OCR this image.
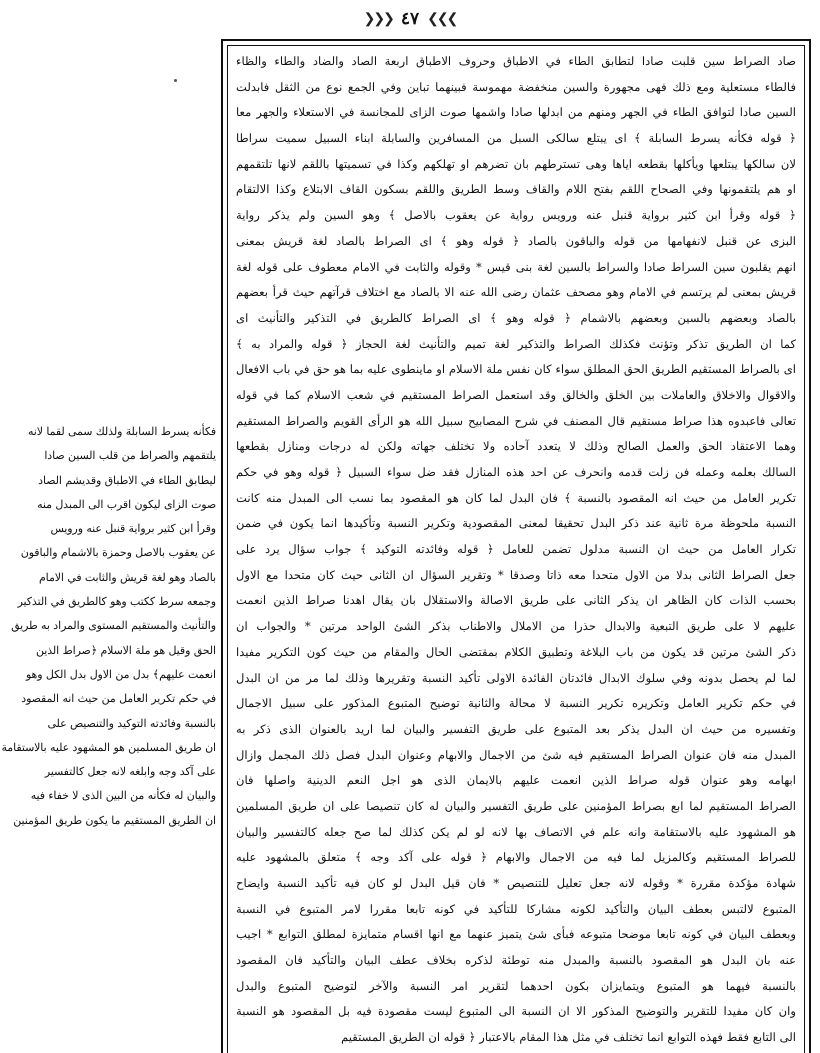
❯❯❯ ٤٧ ❮❮❮

فكأنه يسرط السابلة ولذلك سمى لقما لانه

يلتقمهم والصراط من قلب السين صادا

ليطابق الطاء في الاطباق وقديشم الصاد

صوت الزاى ليكون اقرب الى المبدل منه

وقرأ ابن كثير برواية قنبل عنه ورويس

عن يعقوب بالاصل وحمزة بالاشمام والباقون

بالصاد وهو لغة قريش والثابت في الامام

وجمعه سرط ككتب وهو كالطريق في التذكير

والتأنيث والمستقيم المستوى والمراد به طريق

الحق وقيل هو ملة الاسلام ﴿صراط الذين

انعمت عليهم﴾ بدل من الاول بدل الكل وهو

في حكم تكرير العامل من حيث انه المقصود

بالنسبة وفائدته التوكيد والتنصيص على

ان طريق المسلمين هو المشهود عليه بالاستقامة

على آكد وجه وابلغه لانه جعل كالتفسير

والبيان له فكأنه من البين الذى لا خفاء فيه

ان الطريق المستقيم ما يكون طريق المؤمنين

صاد الصراط سين قلبت صادا لتطابق الطاء في الاطباق وحروف الاطباق اربعة الصاد والضاد والطاء والظاء

فالطاء مستعلية ومع ذلك فهى مجهورة والسين منخفضة مهموسة فبينهما تباين وفي الجمع نوع من الثقل فابدلت

السين صادا لتوافق الطاء في الجهر ومنهم من ابدلها صادا واشمها صوت الزاى للمجانسة في الاستعلاء والجهر معا

﴿ قوله فكأنه يسرط السابلة ﴾ اى يبتلع سالكى السبل من المسافرين والسابلة ابناء السبيل سميت سراطا

لان سالكها يبتلعها ويأكلها بقطعه اياها وهى تسترطهم بان تضرهم او تهلكهم وكذا في تسميتها باللقم لانها تلتقمهم

او هم يلتقمونها وفي الصحاح اللقم بفتح اللام والقاف وسط الطريق واللقم بسكون القاف الابتلاع وكذا الالتقام

﴿ قوله وقرأ ابن كثير برواية قنبل عنه ورويس رواية عن يعقوب بالاصل ﴾ وهو السين ولم يذكر رواية

البزى عن قنبل لانفهامها من قوله والباقون بالصاد ﴿ قوله وهو ﴾ اى الصراط بالصاد لغة قريش بمعنى

انهم يقلبون سين السراط صادا والسراط بالسين لغة بنى قيس * وقوله والثابت في الامام معطوف على قوله لغة

قريش بمعنى لم يرتسم في الامام وهو مصحف عثمان رضى الله عنه الا بالصاد مع اختلاف قرآتهم حيث قرأ بعضهم

بالصاد وبعضهم بالسين وبعضهم بالاشمام ﴿ قوله وهو ﴾ اى الصراط كالطريق في التذكير والتأنيث اى

كما ان الطريق تذكر وتؤنث فكذلك الصراط والتذكير لغة تميم والتأنيث لغة الحجاز ﴿ قوله والمراد به ﴾

اى بالصراط المستقيم الطريق الحق المطلق سواء كان نفس ملة الاسلام او ماينطوى عليه بما هو حق في باب الافعال

والاقوال والاخلاق والعاملات بين الخلق والخالق وقد استعمل الصراط المستقيم في شعب الاسلام كما في قوله

تعالى فاعبدوه هذا صراط مستقيم قال المصنف في شرح المصابيح سبيل الله هو الرأى القويم والصراط المستقيم

وهما الاعتقاد الحق والعمل الصالح وذلك لا يتعدد آحاده ولا تختلف جهاته ولكن له درجات ومنازل بقطعها

السالك بعلمه وعمله فن زلت قدمه وانحرف عن احد هذه المنازل فقد ضل سواء السبيل ﴿ قوله وهو في حكم

تكرير العامل من حيث انه المقصود بالنسبة ﴾ فان البدل لما كان هو المقصود بما نسب الى المبدل منه كانت

النسبة ملحوظة مرة ثانية عند ذكر البدل تحقيقا لمعنى المقصودية وتكرير النسبة وتأكيدها انما يكون في ضمن

تكرار العامل من حيث ان النسبة مدلول تضمن للعامل ﴿ قوله وفائدته التوكيد ﴾ جواب سؤال يرد على

جعل الصراط الثانى بدلا من الاول متحدا معه ذاتا وصدقا * وتقرير السؤال ان الثانى حيث كان متحدا مع الاول

بحسب الذات كان الظاهر ان يذكر الثانى على طريق الاصالة والاستقلال بان يقال اهدنا صراط الذين انعمت

عليهم لا على طريق التبعية والابدال حذرا من الاملال والاطناب بذكر الشئ الواحد مرتين * والجواب ان

ذكر الشئ مرتين قد يكون من باب البلاغة وتطبيق الكلام بمقتضى الحال والمقام من حيث كون التكرير مفيدا

لما لم يحصل بدونه وفي سلوك الابدال فائدتان الفائدة الاولى تأكيد النسبة وتقريرها وذلك لما مر من ان البدل

في حكم تكرير العامل وتكريره تكرير النسبة لا محالة والثانية توضيح المتبوع المذكور على سبيل الاجمال

وتفسيره من حيث ان البدل يذكر بعد المتبوع على طريق التفسير والبيان لما اريد بالعنوان الذى ذكر به

المبدل منه فان عنوان الصراط المستقيم فيه شئ من الاجمال والابهام وعنوان البدل فصل ذلك المجمل وازال

ابهامه وهو عنوان قوله صراط الذين انعمت عليهم بالايمان الذى هو اجل النعم الدينية واصلها فان

الصراط المستقيم لما ابع بصراط المؤمنين على طريق التفسير والبيان له كان تنصيصا على ان طريق المسلمين

هو المشهود عليه بالاستقامة وانه علم في الاتصاف بها لانه لو لم يكن كذلك لما صح جعله كالتفسير والبيان

للصراط المستقيم وكالمزيل لما فيه من الاجمال والابهام ﴿ قوله على آكد وجه ﴾ متعلق بالمشهود عليه

شهادة مؤكدة مقررة * وقوله لانه جعل تعليل للتنصيص * فان قيل البدل لو كان فيه تأكيد النسبة وايضاح

المتبوع لالتبس بعطف البيان والتأكيد لكونه مشاركا للتأكيد في كونه تابعا مقررا لامر المتبوع في النسبة

وبعطف البيان في كونه تابعا موضحا متبوعه فبأى شئ يتميز عنهما مع انها اقسام متمايزة لمطلق التوابع * اجيب

عنه بان البدل هو المقصود بالنسبة والمبدل منه توطئة لذكره بخلاف عطف البيان والتأكيد فان المقصود

بالنسبة فيهما هو المتبوع ويتمايزان بكون احدهما لتقرير امر النسبة والآخر لتوضيح المتبوع والبدل

وان كان مفيدا للتقرير والتوضيح المذكور الا ان النسبة الى المتبوع ليست مقصودة فيه بل المقصود هو النسبة

الى التابع فقط فهذه التوابع انما تختلف في مثل هذا المقام بالاعتبار ﴿ قوله ان الطريق المستقيم
